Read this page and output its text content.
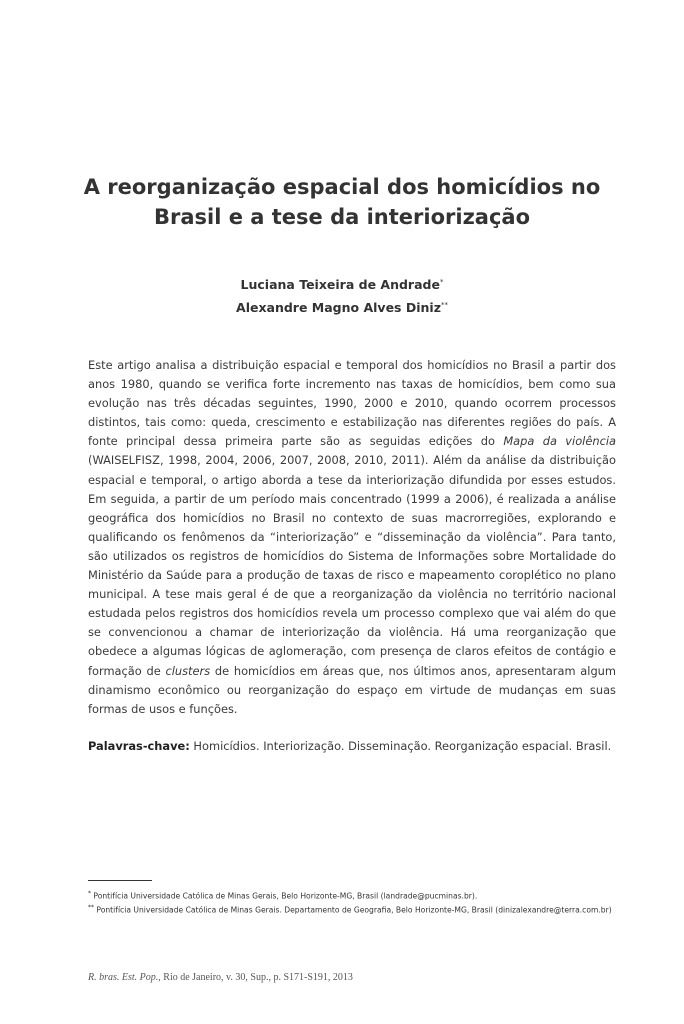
A reorganização espacial dos homicídios no
Brasil e a tese da interiorização
Luciana Teixeira de Andrade*
Alexandre Magno Alves Diniz**

Este artigo analisa a distribuição espacial e temporal dos homicídios no Brasil a partir dos anos 1980, quando se verifica forte incremento nas taxas de homicídios, bem como sua evolução nas três décadas seguintes, 1990, 2000 e 2010, quando ocorrem processos distintos, tais como: queda, crescimento e estabilização nas diferentes regiões do país. A fonte principal dessa primeira parte são as seguidas edições do Mapa da violência (WAISELFISZ, 1998, 2004, 2006, 2007, 2008, 2010, 2011). Além da análise da distribuição espacial e temporal, o artigo aborda a tese da interiorização difundida por esses estudos. Em seguida, a partir de um período mais concentrado (1999 a 2006), é realizada a análise geográfica dos homicídios no Brasil no contexto de suas macrorregiões, explorando e qualificando os fenômenos da “interiorização” e “disseminação da violência”. Para tanto, são utilizados os registros de homicídios do Sistema de Informações sobre Mortalidade do Ministério da Saúde para a produção de taxas de risco e mapeamento coroplético no plano municipal. A tese mais geral é de que a reorganização da violência no território nacional estudada pelos registros dos homicídios revela um processo complexo que vai além do que se convencionou a chamar de interiorização da violência. Há uma reorganização que obedece a algumas lógicas de aglomeração, com presença de claros efeitos de contágio e formação de clusters de homicídios em áreas que, nos últimos anos, apresentaram algum dinamismo econômico ou reorganização do espaço em virtude de mudanças em suas formas de usos e funções.

Palavras-chave: Homicídios. Interiorização. Disseminação. Reorganização espacial. Brasil.

* Pontifícia Universidade Católica de Minas Gerais, Belo Horizonte-MG, Brasil (landrade@pucminas.br).
** Pontifícia Universidade Católica de Minas Gerais. Departamento de Geografia, Belo Horizonte-MG, Brasil (dinizalexandre@terra.com.br)
R. bras. Est. Pop., Rio de Janeiro, v. 30, Sup., p. S171-S191, 2013
